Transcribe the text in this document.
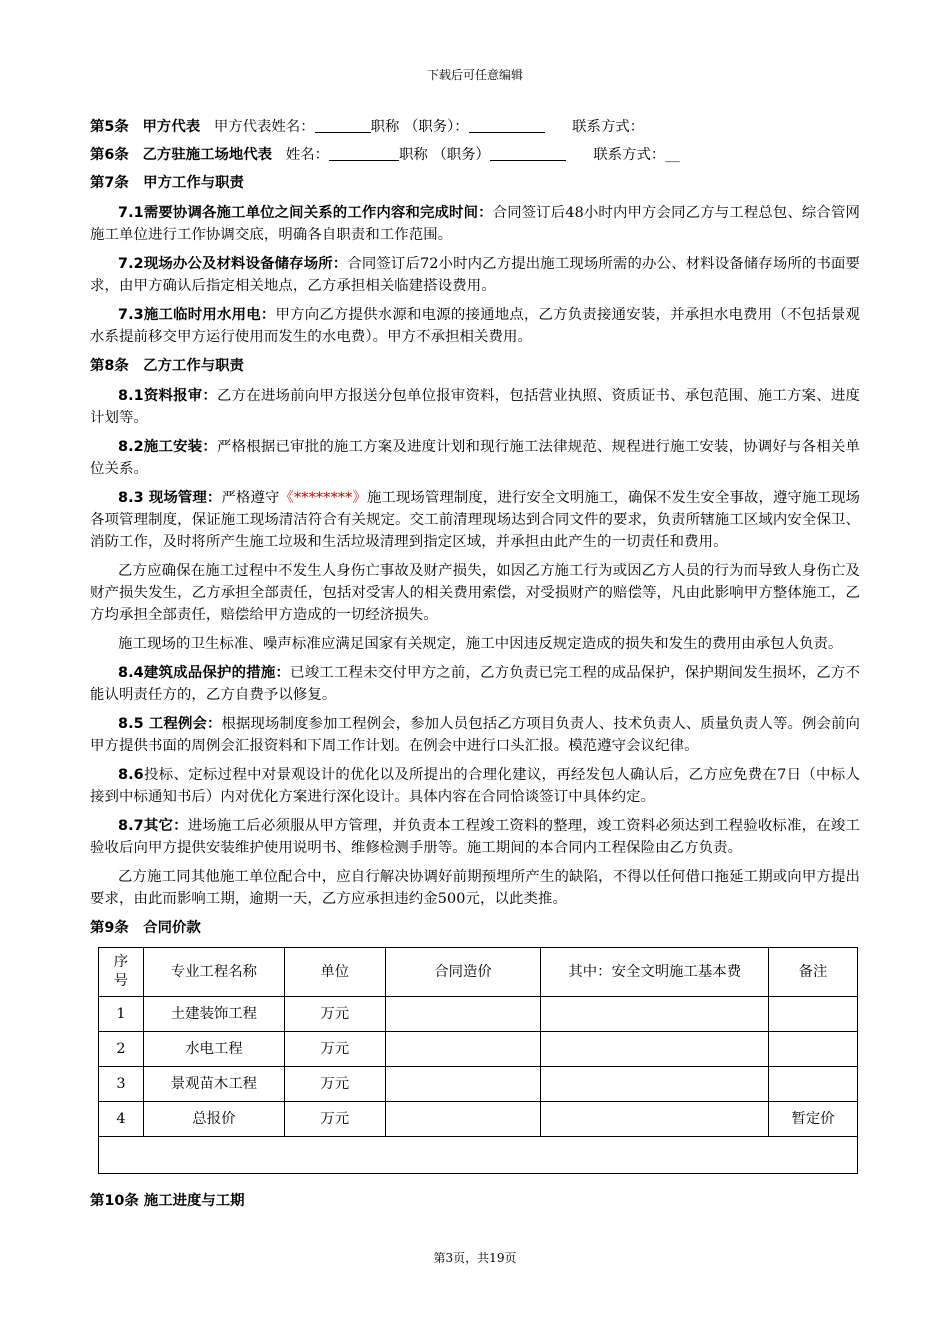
下载后可任意编辑
第5条 甲方代表 甲方代表姓名：	职称 （职务）：	联系方式：
第6条 乙方驻施工场地代表 姓名：	职称 （职务）	联系方式：__
第7条　甲方工作与职责

7.1需要协调各施工单位之间关系的工作内容和完成时间：合同签订后48小时内甲方会同乙方与工程总包、综合管网施工单位进行工作协调交底，明确各自职责和工作范围。

7.2现场办公及材料设备储存场所：合同签订后72小时内乙方提出施工现场所需的办公、材料设备储存场所的书面要求，由甲方确认后指定相关地点，乙方承担相关临建搭设费用。

7.3施工临时用水用电：甲方向乙方提供水源和电源的接通地点，乙方负责接通安装，并承担水电费用（不包括景观水系提前移交甲方运行使用而发生的水电费）。甲方不承担相关费用。

第8条　乙方工作与职责

8.1资料报审：乙方在进场前向甲方报送分包单位报审资料，包括营业执照、资质证书、承包范围、施工方案、进度计划等。

8.2施工安装：严格根据已审批的施工方案及进度计划和现行施工法律规范、规程进行施工安装，协调好与各相关单位关系。

8.3 现场管理：严格遵守《********》施工现场管理制度，进行安全文明施工，确保不发生安全事故，遵守施工现场各项管理制度，保证施工现场清洁符合有关规定。交工前清理现场达到合同文件的要求，负责所辖施工区域内安全保卫、消防工作，及时将所产生施工垃圾和生活垃圾清理到指定区域，并承担由此产生的一切责任和费用。

乙方应确保在施工过程中不发生人身伤亡事故及财产损失，如因乙方施工行为或因乙方人员的行为而导致人身伤亡及财产损失发生，乙方承担全部责任，包括对受害人的相关费用索偿，对受损财产的赔偿等，凡由此影响甲方整体施工，乙方均承担全部责任，赔偿给甲方造成的一切经济损失。

施工现场的卫生标准、噪声标准应满足国家有关规定，施工中因违反规定造成的损失和发生的费用由承包人负责。

8.4建筑成品保护的措施：已竣工工程未交付甲方之前，乙方负责已完工程的成品保护，保护期间发生损坏，乙方不能认明责任方的，乙方自费予以修复。

8.5 工程例会：根据现场制度参加工程例会，参加人员包括乙方项目负责人、技术负责人、质量负责人等。例会前向甲方提供书面的周例会汇报资料和下周工作计划。在例会中进行口头汇报。模范遵守会议纪律。

8.6投标、定标过程中对景观设计的优化以及所提出的合理化建议，再经发包人确认后，乙方应免费在7日（中标人接到中标通知书后）内对优化方案进行深化设计。具体内容在合同恰谈签订中具体约定。

8.7其它：进场施工后必须服从甲方管理，并负责本工程竣工资料的整理，竣工资料必须达到工程验收标准，在竣工验收后向甲方提供安装维护使用说明书、维修检测手册等。施工期间的本合同内工程保险由乙方负责。

乙方施工同其他施工单位配合中，应自行解决协调好前期预埋所产生的缺陷，不得以任何借口拖延工期或向甲方提出要求，由此而影响工期，逾期一天，乙方应承担违约金500元，以此类推。

第9条　合同价款
序号	专业工程名称	单位	合同造价	其中：安全文明施工基本费	备注
1	土建装饰工程	万元			
2	水电工程	万元			
3	景观苗木工程	万元			
4	总报价	万元			暂定价

第10条 施工进度与工期
第3页，共19页
